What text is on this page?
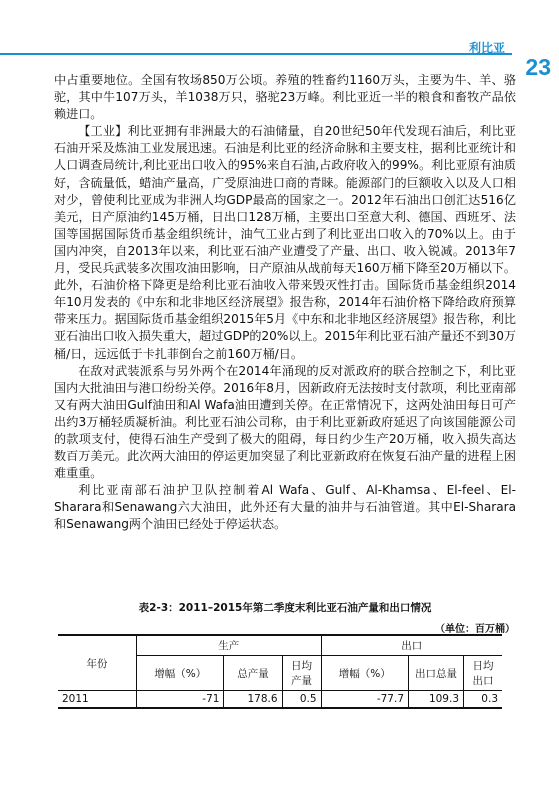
利比亚
23

中占重要地位。全国有牧场850万公顷。养殖的牲畜约1160万头，主要为牛、羊、骆驼，其中牛107万头，羊1038万只，骆驼23万峰。利比亚近一半的粮食和畜牧产品依赖进口。

【工业】利比亚拥有非洲最大的石油储量，自20世纪50年代发现石油后，利比亚石油开采及炼油工业发展迅速。石油是利比亚的经济命脉和主要支柱，据利比亚统计和人口调查局统计,利比亚出口收入的95%来自石油,占政府收入的99%。利比亚原有油质好，含硫量低，蜡油产量高，广受原油进口商的青睐。能源部门的巨额收入以及人口相对少，曾使利比亚成为非洲人均GDP最高的国家之一。2012年石油出口创汇达516亿美元，日产原油约145万桶，日出口128万桶，主要出口至意大利、德国、西班牙、法国等国据国际货币基金组织统计，油气工业占到了利比亚出口收入的70%以上。由于国内冲突，自2013年以来，利比亚石油产业遭受了产量、出口、收入锐减。2013年7月，受民兵武装多次围攻油田影响，日产原油从战前每天160万桶下降至20万桶以下。此外，石油价格下降更是给利比亚石油收入带来毁灭性打击。国际货币基金组织2014年10月发表的《中东和北非地区经济展望》报告称，2014年石油价格下降给政府预算带来压力。据国际货币基金组织2015年5月《中东和北非地区经济展望》报告称，利比亚石油出口收入损失重大，超过GDP的20%以上。2015年利比亚石油产量还不到30万桶/日，远远低于卡扎菲倒台之前160万桶/日。

在敌对武装派系与另外两个在2014年涌现的反对派政府的联合控制之下，利比亚国内大批油田与港口纷纷关停。2016年8月，因新政府无法按时支付款项，利比亚南部又有两大油田Gulf油田和Al Wafa油田遭到关停。在正常情况下，这两处油田每日可产出约3万桶轻质凝析油。利比亚石油公司称，由于利比亚新政府延迟了向该国能源公司的款项支付，使得石油生产受到了极大的阻碍，每日约少生产20万桶，收入损失高达数百万美元。此次两大油田的停运更加突显了利比亚新政府在恢复石油产量的进程上困难重重。

利比亚南部石油护卫队控制着Al Wafa、Gulf、Al-Khamsa、El-feel、El-Sharara和Senawang六大油田，此外还有大量的油井与石油管道。其中El-Sharara和Senawang两个油田已经处于停运状态。

表2-3：2011–2015年第二季度末利比亚石油产量和出口情况
（单位：百万桶）
年份	生产			出口		
	增幅（%）	总产量	日均产量	增幅（%）	出口总量	日均出口
2011	-71	178.6	0.5	-77.7	109.3	0.3
